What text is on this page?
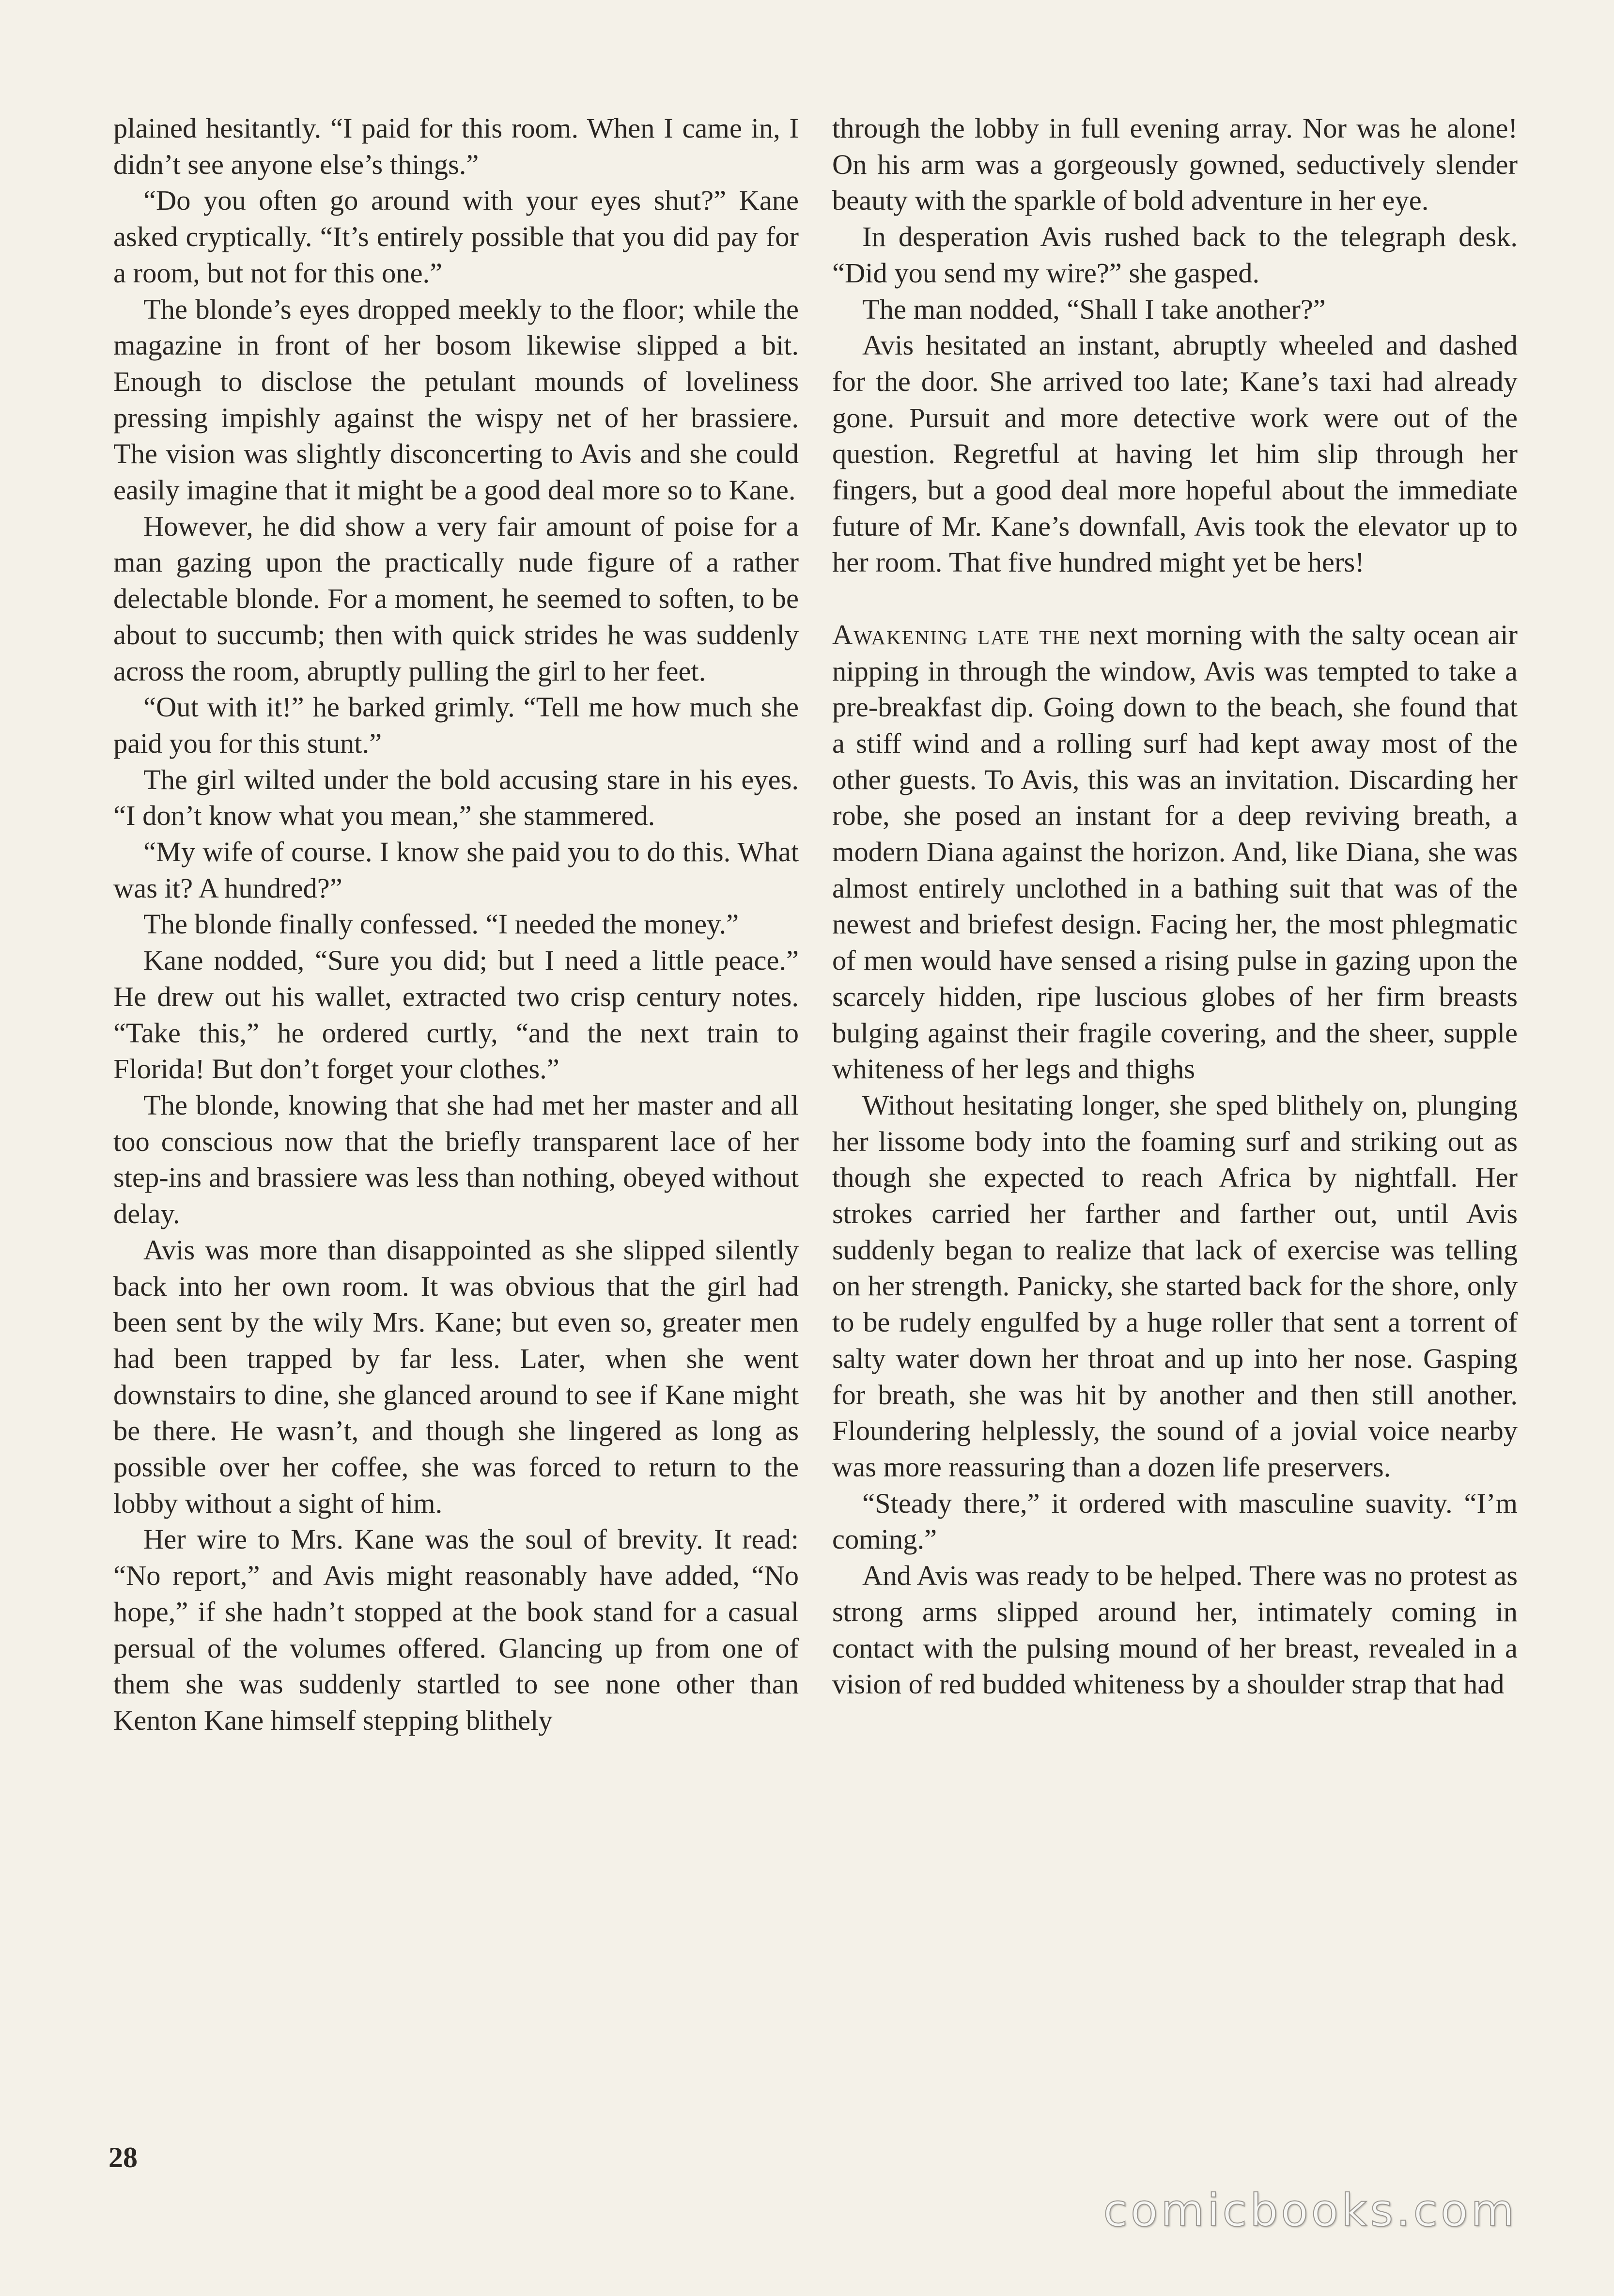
plained hesitantly. “I paid for this room. When I came in, I didn’t see anyone else’s things.”

“Do you often go around with your eyes shut?” Kane asked cryptically. “It’s entirely possible that you did pay for a room, but not for this one.”

The blonde’s eyes dropped meekly to the floor; while the magazine in front of her bosom likewise slipped a bit. Enough to disclose the petulant mounds of loveliness pressing impishly against the wispy net of her brassiere. The vision was slightly disconcerting to Avis and she could easily imagine that it might be a good deal more so to Kane.

However, he did show a very fair amount of poise for a man gazing upon the practically nude figure of a rather delectable blonde. For a moment, he seemed to soften, to be about to succumb; then with quick strides he was suddenly across the room, abruptly pulling the girl to her feet.

“Out with it!” he barked grimly. “Tell me how much she paid you for this stunt.”

The girl wilted under the bold accusing stare in his eyes. “I don’t know what you mean,” she stammered.

“My wife of course. I know she paid you to do this. What was it? A hundred?”

The blonde finally confessed. “I needed the money.”

Kane nodded, “Sure you did; but I need a little peace.” He drew out his wallet, extracted two crisp century notes. “Take this,” he ordered curtly, “and the next train to Florida! But don’t forget your clothes.”

The blonde, knowing that she had met her master and all too conscious now that the briefly transparent lace of her step-ins and brassiere was less than nothing, obeyed without delay.

Avis was more than disappointed as she slipped silently back into her own room. It was obvious that the girl had been sent by the wily Mrs. Kane; but even so, greater men had been trapped by far less. Later, when she went downstairs to dine, she glanced around to see if Kane might be there. He wasn’t, and though she lingered as long as possible over her coffee, she was forced to return to the lobby without a sight of him.

Her wire to Mrs. Kane was the soul of brevity. It read: “No report,” and Avis might reasonably have added, “No hope,” if she hadn’t stopped at the book stand for a casual persual of the volumes offered. Glancing up from one of them she was suddenly startled to see none other than Kenton Kane himself stepping blithely

through the lobby in full evening array. Nor was he alone! On his arm was a gorgeously gowned, seductively slender beauty with the sparkle of bold adventure in her eye.

In desperation Avis rushed back to the telegraph desk. “Did you send my wire?” she gasped.

The man nodded, “Shall I take another?”

Avis hesitated an instant, abruptly wheeled and dashed for the door. She arrived too late; Kane’s taxi had already gone. Pursuit and more detective work were out of the question. Regretful at having let him slip through her fingers, but a good deal more hopeful about the immediate future of Mr. Kane’s downfall, Avis took the elevator up to her room. That five hundred might yet be hers!

Awakening late the next morning with the salty ocean air nipping in through the window, Avis was tempted to take a pre-breakfast dip. Going down to the beach, she found that a stiff wind and a rolling surf had kept away most of the other guests. To Avis, this was an invitation. Discarding her robe, she posed an instant for a deep reviving breath, a modern Diana against the horizon. And, like Diana, she was almost entirely unclothed in a bathing suit that was of the newest and briefest design. Facing her, the most phlegmatic of men would have sensed a rising pulse in gazing upon the scarcely hidden, ripe luscious globes of her firm breasts bulging against their fragile covering, and the sheer, supple whiteness of her legs and thighs

Without hesitating longer, she sped blithely on, plunging her lissome body into the foaming surf and striking out as though she expected to reach Africa by nightfall. Her strokes carried her farther and farther out, until Avis suddenly began to realize that lack of exercise was telling on her strength. Panicky, she started back for the shore, only to be rudely engulfed by a huge roller that sent a torrent of salty water down her throat and up into her nose. Gasping for breath, she was hit by another and then still another. Floundering helplessly, the sound of a jovial voice nearby was more reassuring than a dozen life preservers.

“Steady there,” it ordered with masculine suavity. “I’m coming.”

And Avis was ready to be helped. There was no protest as strong arms slipped around her, intimately coming in contact with the pulsing mound of her breast, revealed in a vision of red budded whiteness by a shoulder strap that had

28
comicbooks.com
